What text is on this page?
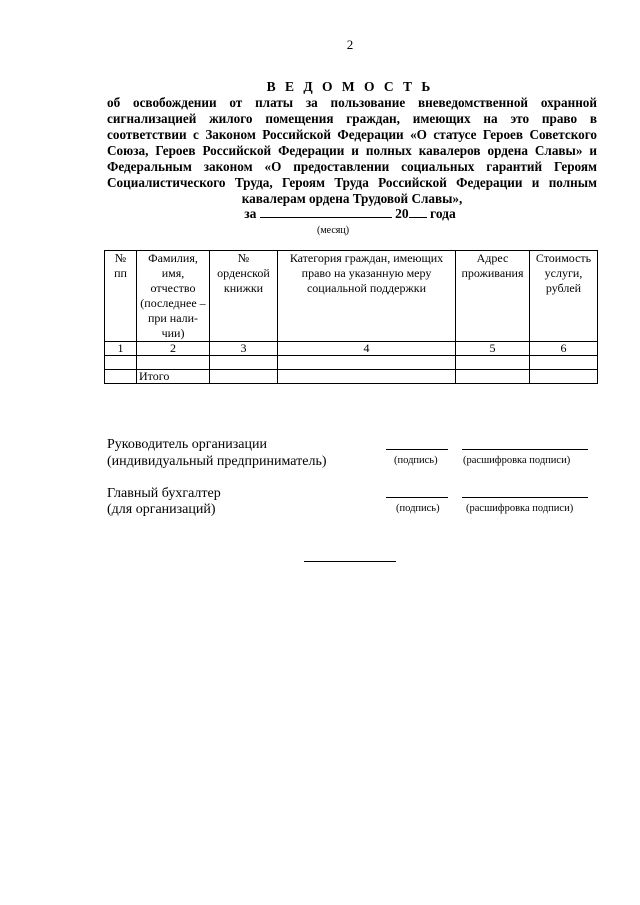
2
В Е Д О М О С Т Ь
об освобождении от платы за пользование вневедомственной охранной сигнализацией жилого помещения граждан, имеющих на это право в соответствии с Законом Российской Федерации «О статусе Героев Советского Союза, Героев Российской Федерации и полных кавалеров ордена Славы» и Федеральным законом «О предоставлении социальных гарантий Героям Социалистического Труда, Героям Труда Российской Федерации и полным кавалерам ордена Трудовой Славы»,
за	20 года
(месяц)
№ пп	Фамилия, имя, отчество (последнее – при нали- чии)	№ орденской книжки	Категория граждан, имеющих право на указанную меру социальной поддержки	Адрес проживания	Стоимость услуги, рублей
1	2	3	4	5	6

	Итого				
Руководитель организации
(индивидуальный предприниматель)	(подпись) (расшифровка подписи)
Главный бухгалтер
(для организаций)	(подпись)	(расшифровка подписи)
